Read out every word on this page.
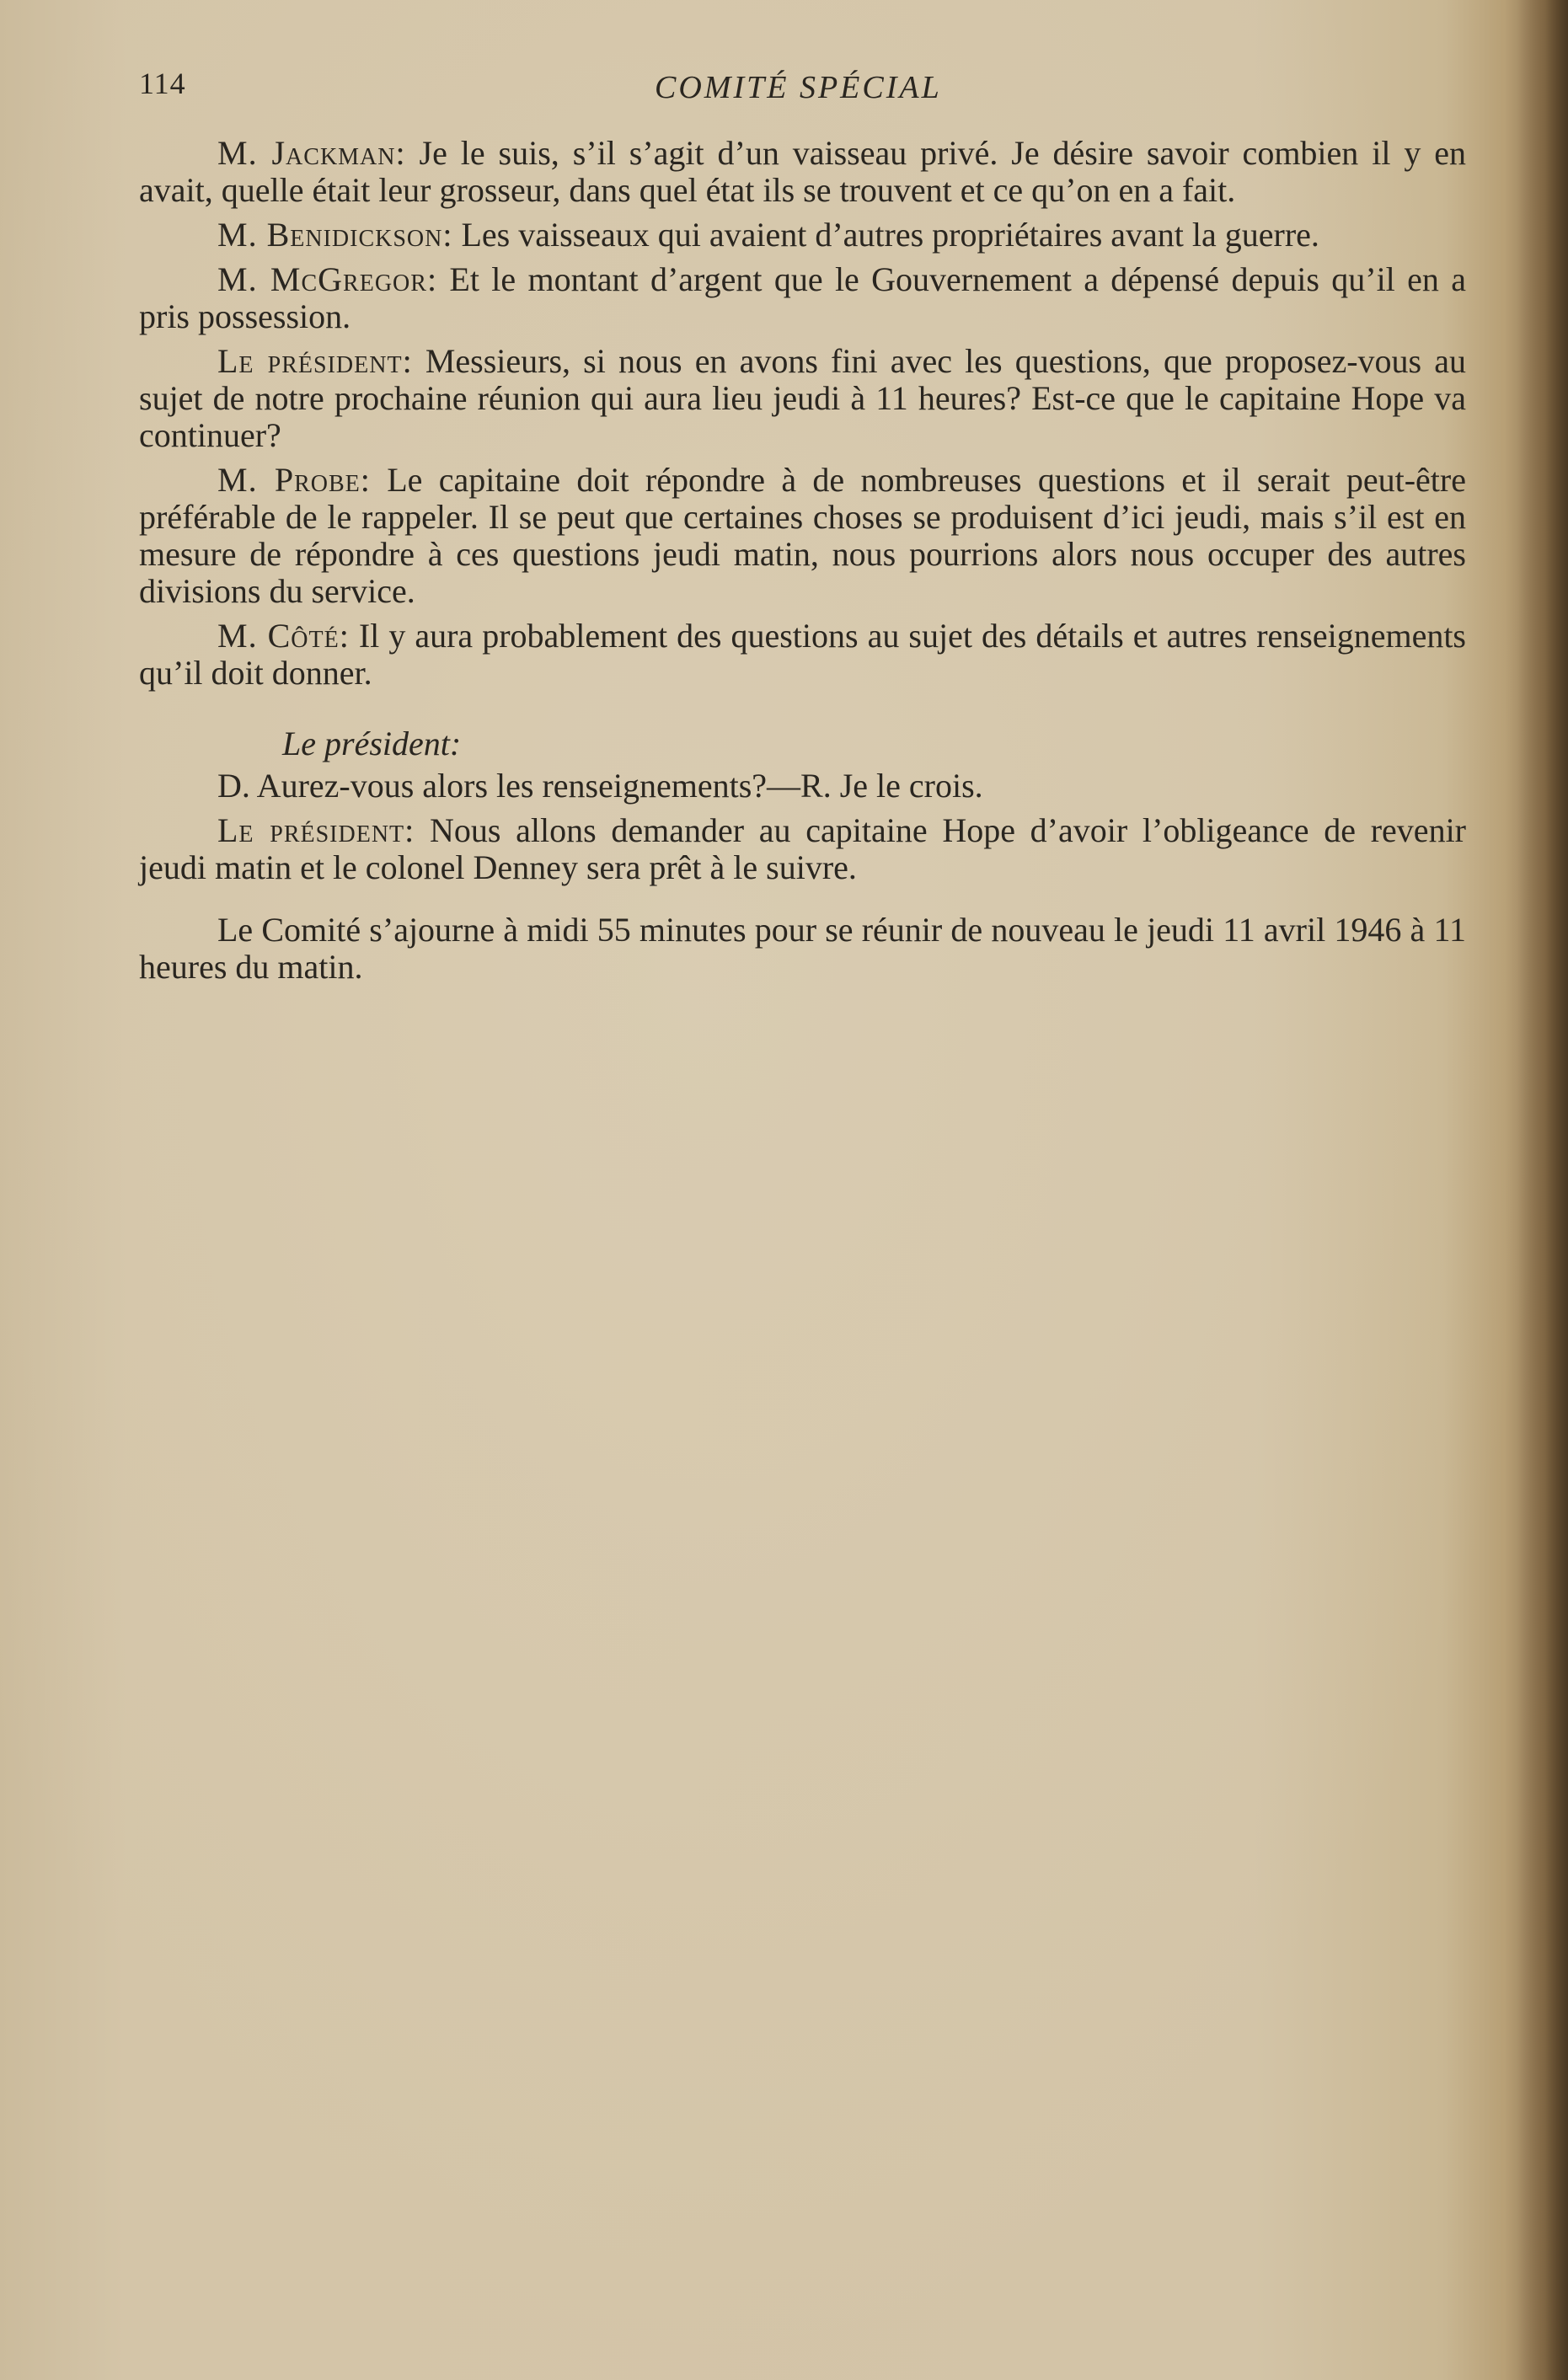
114	COMITÉ SPÉCIAL

M. Jackman: Je le suis, s’il s’agit d’un vaisseau privé. Je désire savoir combien il y en avait, quelle était leur grosseur, dans quel état ils se trouvent et ce qu’on en a fait.

M. Benidickson: Les vaisseaux qui avaient d’autres propriétaires avant la guerre.

M. McGregor: Et le montant d’argent que le Gouvernement a dépensé depuis qu’il en a pris possession.

Le président: Messieurs, si nous en avons fini avec les questions, que proposez-vous au sujet de notre prochaine réunion qui aura lieu jeudi à 11 heures? Est-ce que le capitaine Hope va continuer?

M. Probe: Le capitaine doit répondre à de nombreuses questions et il serait peut-être préférable de le rappeler. Il se peut que certaines choses se produisent d’ici jeudi, mais s’il est en mesure de répondre à ces questions jeudi matin, nous pourrions alors nous occuper des autres divisions du service.

M. Côté: Il y aura probablement des questions au sujet des détails et autres renseignements qu’il doit donner.

Le président:

D. Aurez-vous alors les renseignements?—R. Je le crois.

Le président: Nous allons demander au capitaine Hope d’avoir l’obligeance de revenir jeudi matin et le colonel Denney sera prêt à le suivre.

Le Comité s’ajourne à midi 55 minutes pour se réunir de nouveau le jeudi 11 avril 1946 à 11 heures du matin.
